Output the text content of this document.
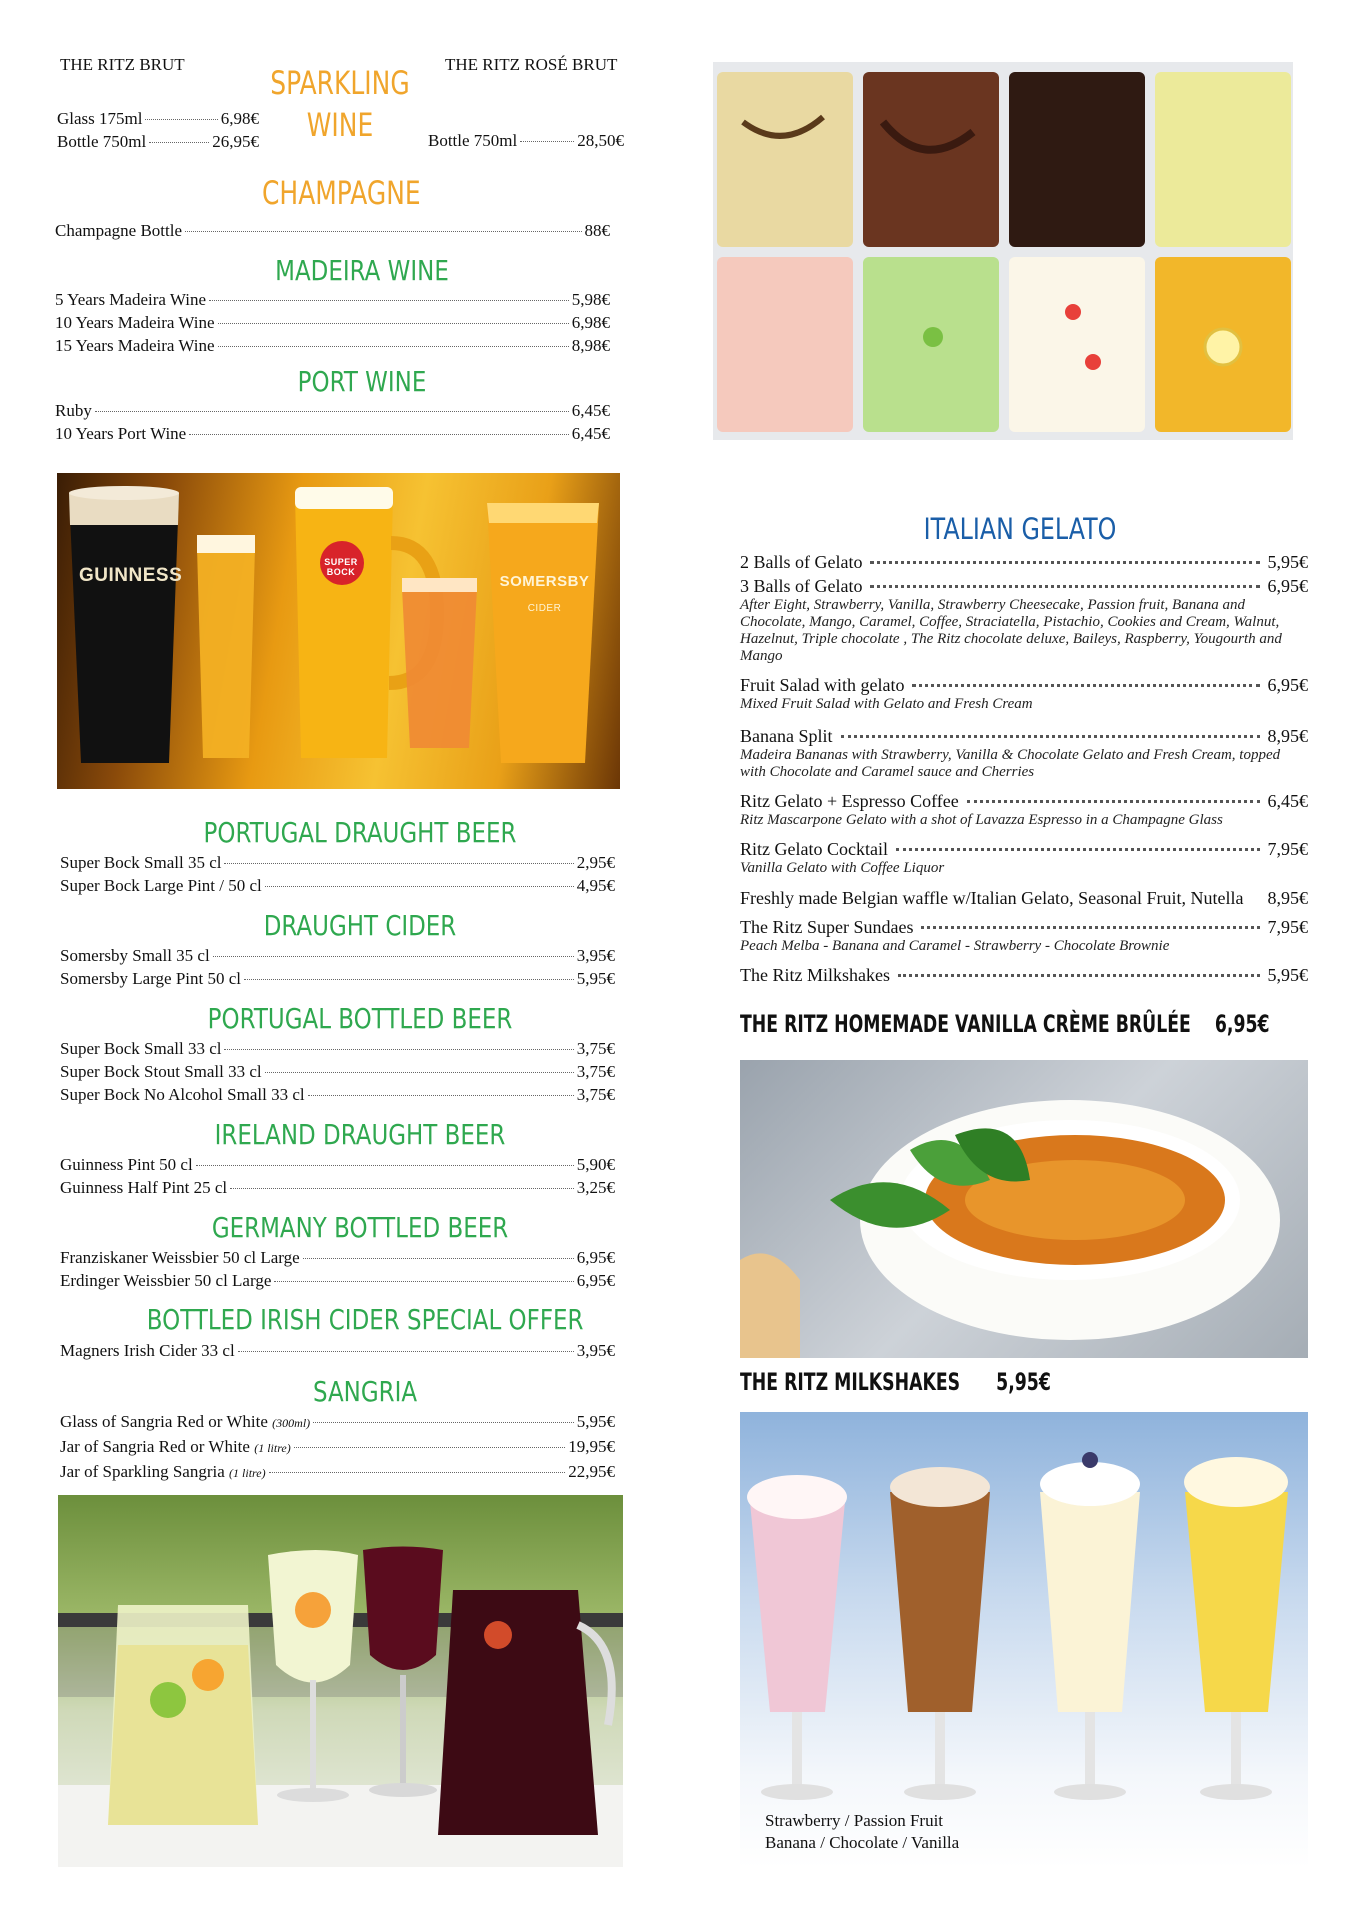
THE RITZ BRUT
Glass 175ml	6,98€
Bottle 750ml	26,95€
SPARKLING
WINE
THE RITZ ROSÉ BRUT
Bottle 750ml	28,50€
CHAMPAGNE
Champagne Bottle	88€
MADEIRA WINE
5 Years Madeira Wine	5,98€
10 Years Madeira Wine	6,98€
15 Years Madeira Wine	8,98€
PORT WINE
Ruby	6,45€
10 Years Port Wine	6,45€
GUINNESS
SUPER BOCK
SOMERSBY
CIDER
PORTUGAL DRAUGHT BEER
Super Bock Small 35 cl	2,95€
Super Bock Large Pint / 50 cl	4,95€
DRAUGHT CIDER
Somersby Small 35 cl	3,95€
Somersby Large Pint 50 cl	5,95€
PORTUGAL BOTTLED BEER
Super Bock Small 33 cl	3,75€
Super Bock Stout Small 33 cl	3,75€
Super Bock No Alcohol Small 33 cl	3,75€
IRELAND DRAUGHT BEER
Guinness Pint 50 cl	5,90€
Guinness Half Pint 25 cl	3,25€
GERMANY BOTTLED BEER
Franziskaner Weissbier 50 cl Large	6,95€
Erdinger Weissbier 50 cl Large	6,95€
BOTTLED IRISH CIDER SPECIAL OFFER
Magners Irish Cider 33 cl	3,95€
SANGRIA
Glass of Sangria Red or White
(300ml)	5,95€
Jar of Sangria Red or White
(1 litre)	19,95€
Jar of Sparkling Sangria
(1 litre)	22,95€
ITALIAN GELATO
2 Balls of Gelato	5,95€
3 Balls of Gelato	6,95€
After Eight, Strawberry, Vanilla, Strawberry Cheesecake, Passion fruit, Banana and Chocolate, Mango, Caramel, Coffee, Straciatella, Pistachio, Cookies and Cream, Walnut, Hazelnut, Triple chocolate , The Ritz chocolate deluxe, Baileys, Raspberry, Yougourth and Mango
Fruit Salad with gelato	6,95€
Mixed Fruit Salad with Gelato and Fresh Cream
Banana Split	8,95€
Madeira Bananas with Strawberry, Vanilla & Chocolate Gelato and Fresh Cream, topped with Chocolate and Caramel sauce and Cherries
Ritz Gelato + Espresso Coffee	6,45€
Ritz Mascarpone Gelato with a shot of Lavazza Espresso in a Champagne Glass
Ritz Gelato Cocktail	7,95€
Vanilla Gelato with Coffee Liquor
Freshly made Belgian waffle w/Italian Gelato, Seasonal Fruit, Nutella 8,95€
The Ritz Super Sundaes	7,95€
Peach Melba - Banana and Caramel - Strawberry - Chocolate Brownie
The Ritz Milkshakes	5,95€
THE RITZ HOMEMADE VANILLA CRÈME BRÛLÉE 6,95€
THE RITZ MILKSHAKES 5,95€
Strawberry / Passion Fruit
Banana / Chocolate / Vanilla
